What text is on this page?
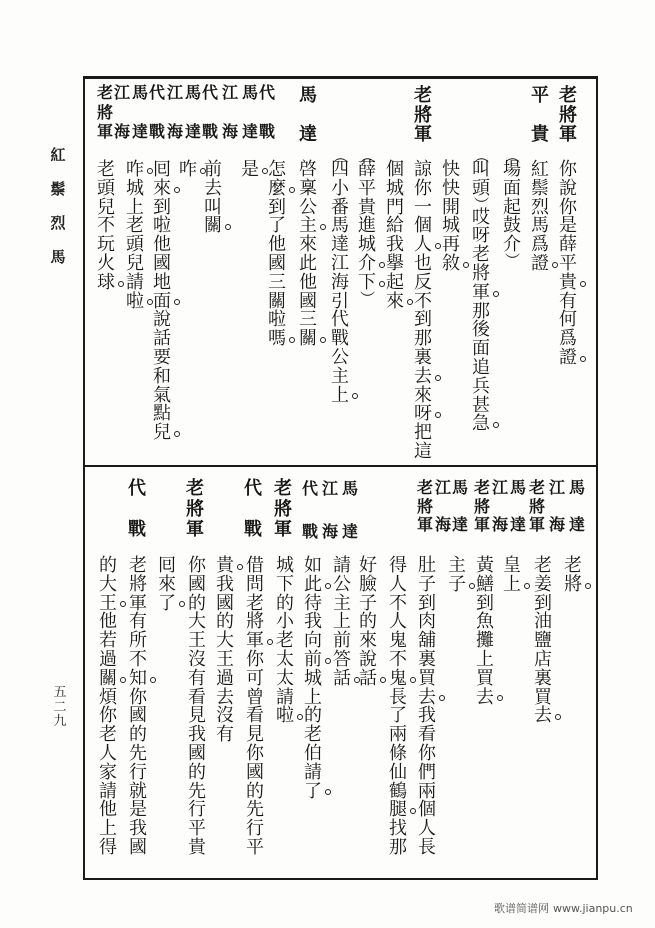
紅
鬃
烈
馬
五
二
九
老
將
軍
你
說
你
是
薛
平
貴
有
何
爲
證
平
貴
紅
鬃
烈
馬
爲
證
（
場
面
起
鼓
介
）
（
叫
頭
）
哎
呀
老
將
軍
那
後
面
追
兵
甚
急
快
快
開
城
再
敘
老
將
軍
諒
你
一
個
人
也
反
不
到
那
裏
去
來
呀
把
這
個
城
門
給
我
擧
起
來
（
薛
平
貴
進
城
介
下
）
（
四
小
番
馬
達
江
海
引
代
戰
公
主
上
馬
達
啓
稟
公
主
來
此
他
國
三
關
代
戰
馬
達
江
海
代
戰
馬
達
江
海
代
戰
馬
達
江
海
老
將
軍
怎
麼
到
了
他
國
三
關
啦
嗎
是
前
去
叫
關
咋
囘
來
到
啦
他
國
地
面
說
話
要
和
氣
點
兒
咋
城
上
老
頭
兒
請
啦
老
頭
兒
不
玩
火
球
馬
達
江
海
老
將
軍
馬
達
江
海
老
將
軍
馬
達
江
海
老
將
軍
老
將
老
姜
到
油
鹽
店
裏
買
去
皇
上
黃
鱔
到
魚
攤
上
買
去
主
子
肚
子
到
肉
舖
裏
買
去
我
看
你
們
兩
個
人
長
得
人
不
人
鬼
不
鬼
長
了
兩
條
仙
鶴
腿
找
那
好
臉
子
的
來
說
話
馬
達
江
海
代
戰
請
公
主
上
前
答
話
如
此
待
我
向
前
城
上
的
老
伯
請
了
老
將
軍
城
下
的
小
老
太
太
請
啦
代
戰
借
問
老
將
軍
你
可
曾
看
見
你
國
的
先
行
平
貴
我
國
的
大
王
過
去
沒
有
老
將
軍
你
國
的
大
王
沒
有
看
見
我
國
的
先
行
平
貴
囘
來
了
代
戰
老
將
軍
有
所
不
知
你
國
的
先
行
就
是
我
國
的
大
王
他
若
過
關
煩
你
老
人
家
請
他
上
得
歌谱简谱网 www.jianpu.cn
